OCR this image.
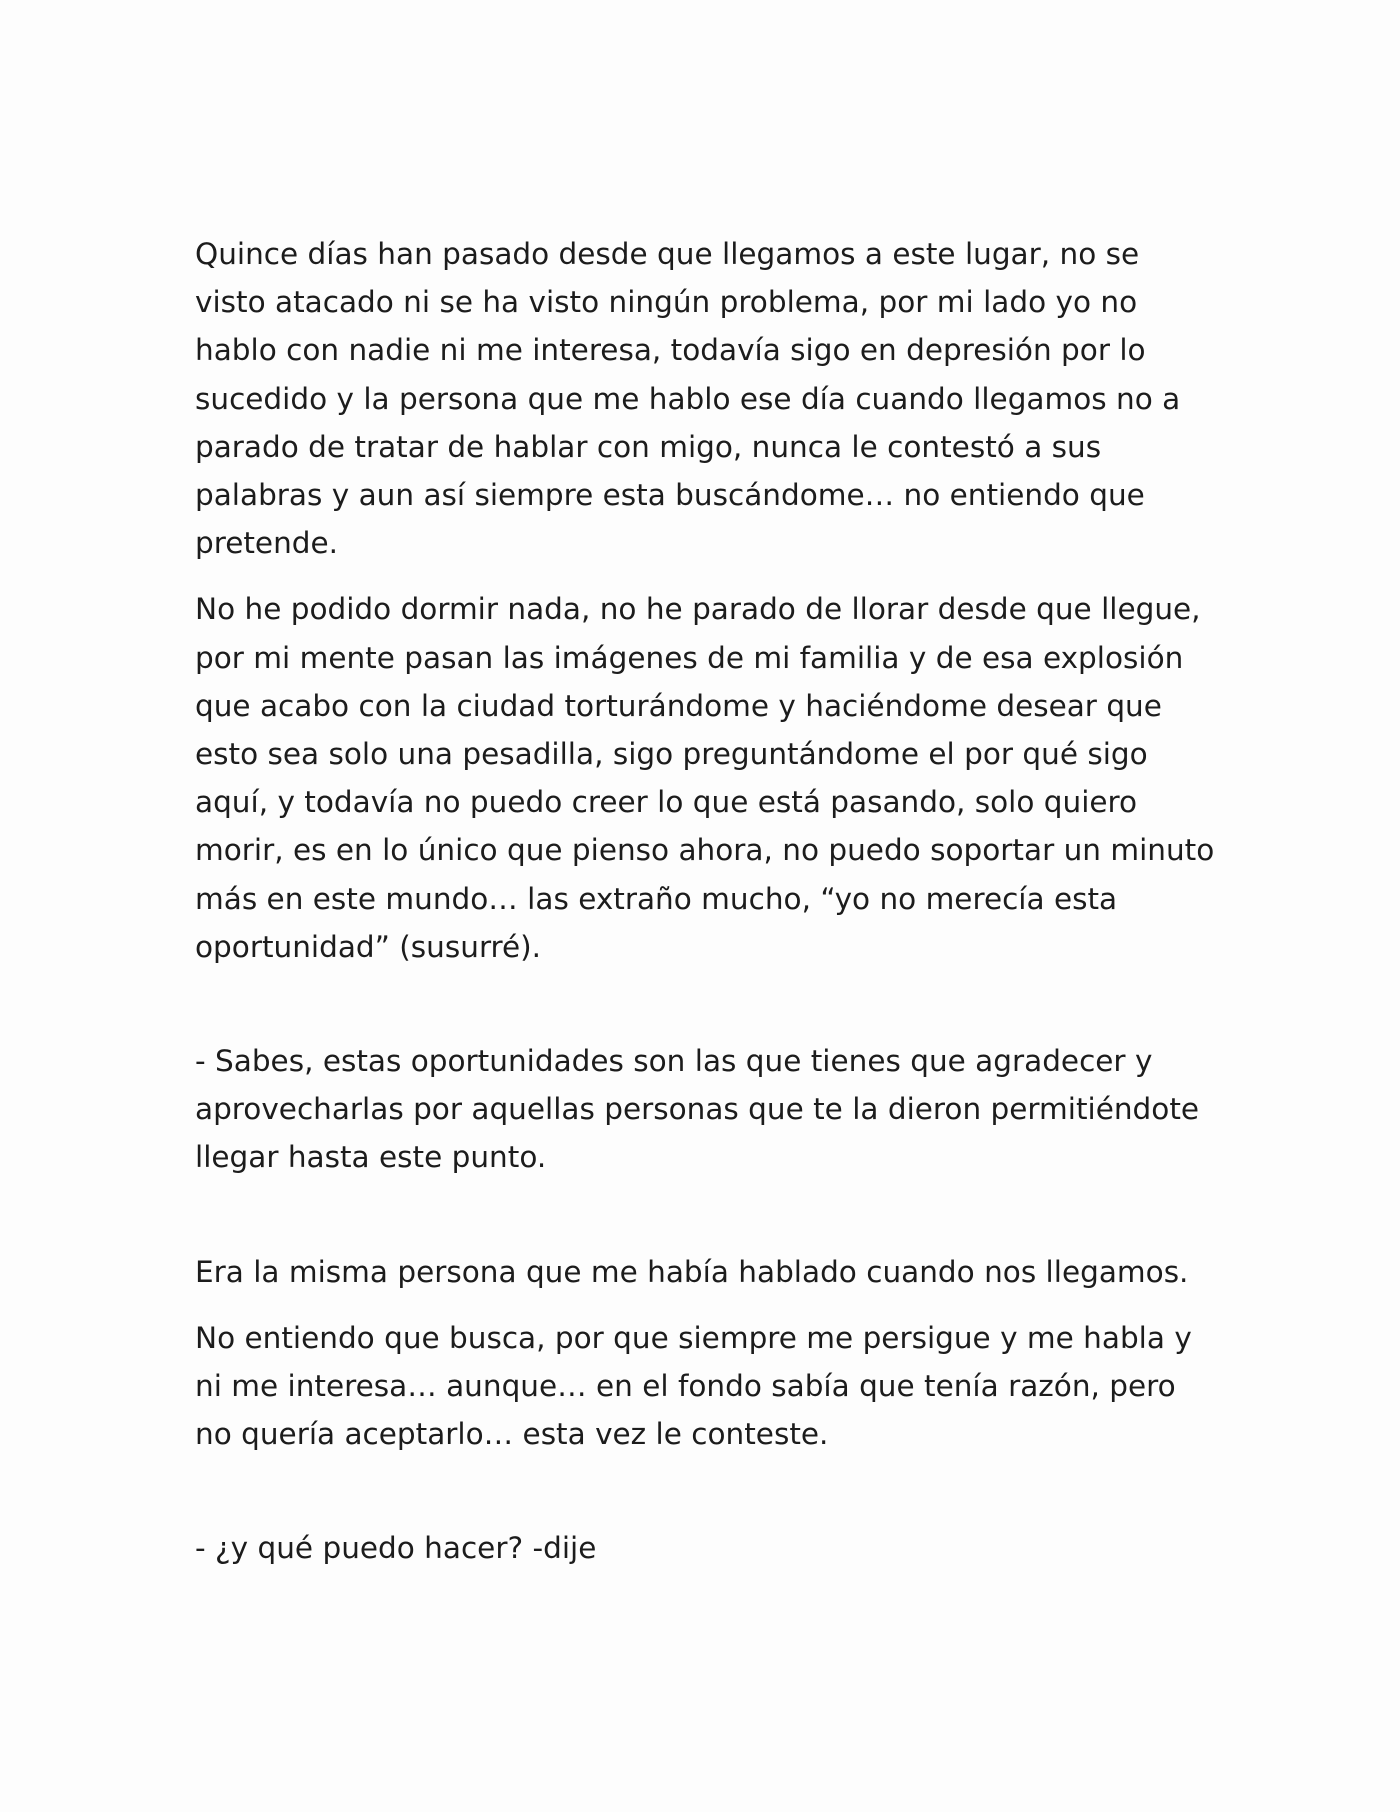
Quince días han pasado desde que llegamos a este lugar, no se visto atacado ni se ha visto ningún problema, por mi lado yo no hablo con nadie ni me interesa, todavía sigo en depresión por lo sucedido y la persona que me hablo ese día cuando llegamos no a parado de tratar de hablar con migo, nunca le contestó a sus palabras y aun así siempre esta buscándome… no entiendo que pretende.

No he podido dormir nada, no he parado de llorar desde que llegue, por mi mente pasan las imágenes de mi familia y de esa explosión que acabo con la ciudad torturándome y haciéndome desear que esto sea solo una pesadilla, sigo preguntándome el por qué sigo aquí, y todavía no puedo creer lo que está pasando, solo quiero morir, es en lo único que pienso ahora, no puedo soportar un minuto más en este mundo… las extraño mucho, “yo no merecía esta oportunidad” (susurré).

- Sabes, estas oportunidades son las que tienes que agradecer y aprovecharlas por aquellas personas que te la dieron permitiéndote llegar hasta este punto.

Era la misma persona que me había hablado cuando nos llegamos.

No entiendo que busca, por que siempre me persigue y me habla y ni me interesa… aunque… en el fondo sabía que tenía razón, pero no quería aceptarlo… esta vez le conteste.

- ¿y qué puedo hacer? -dije
